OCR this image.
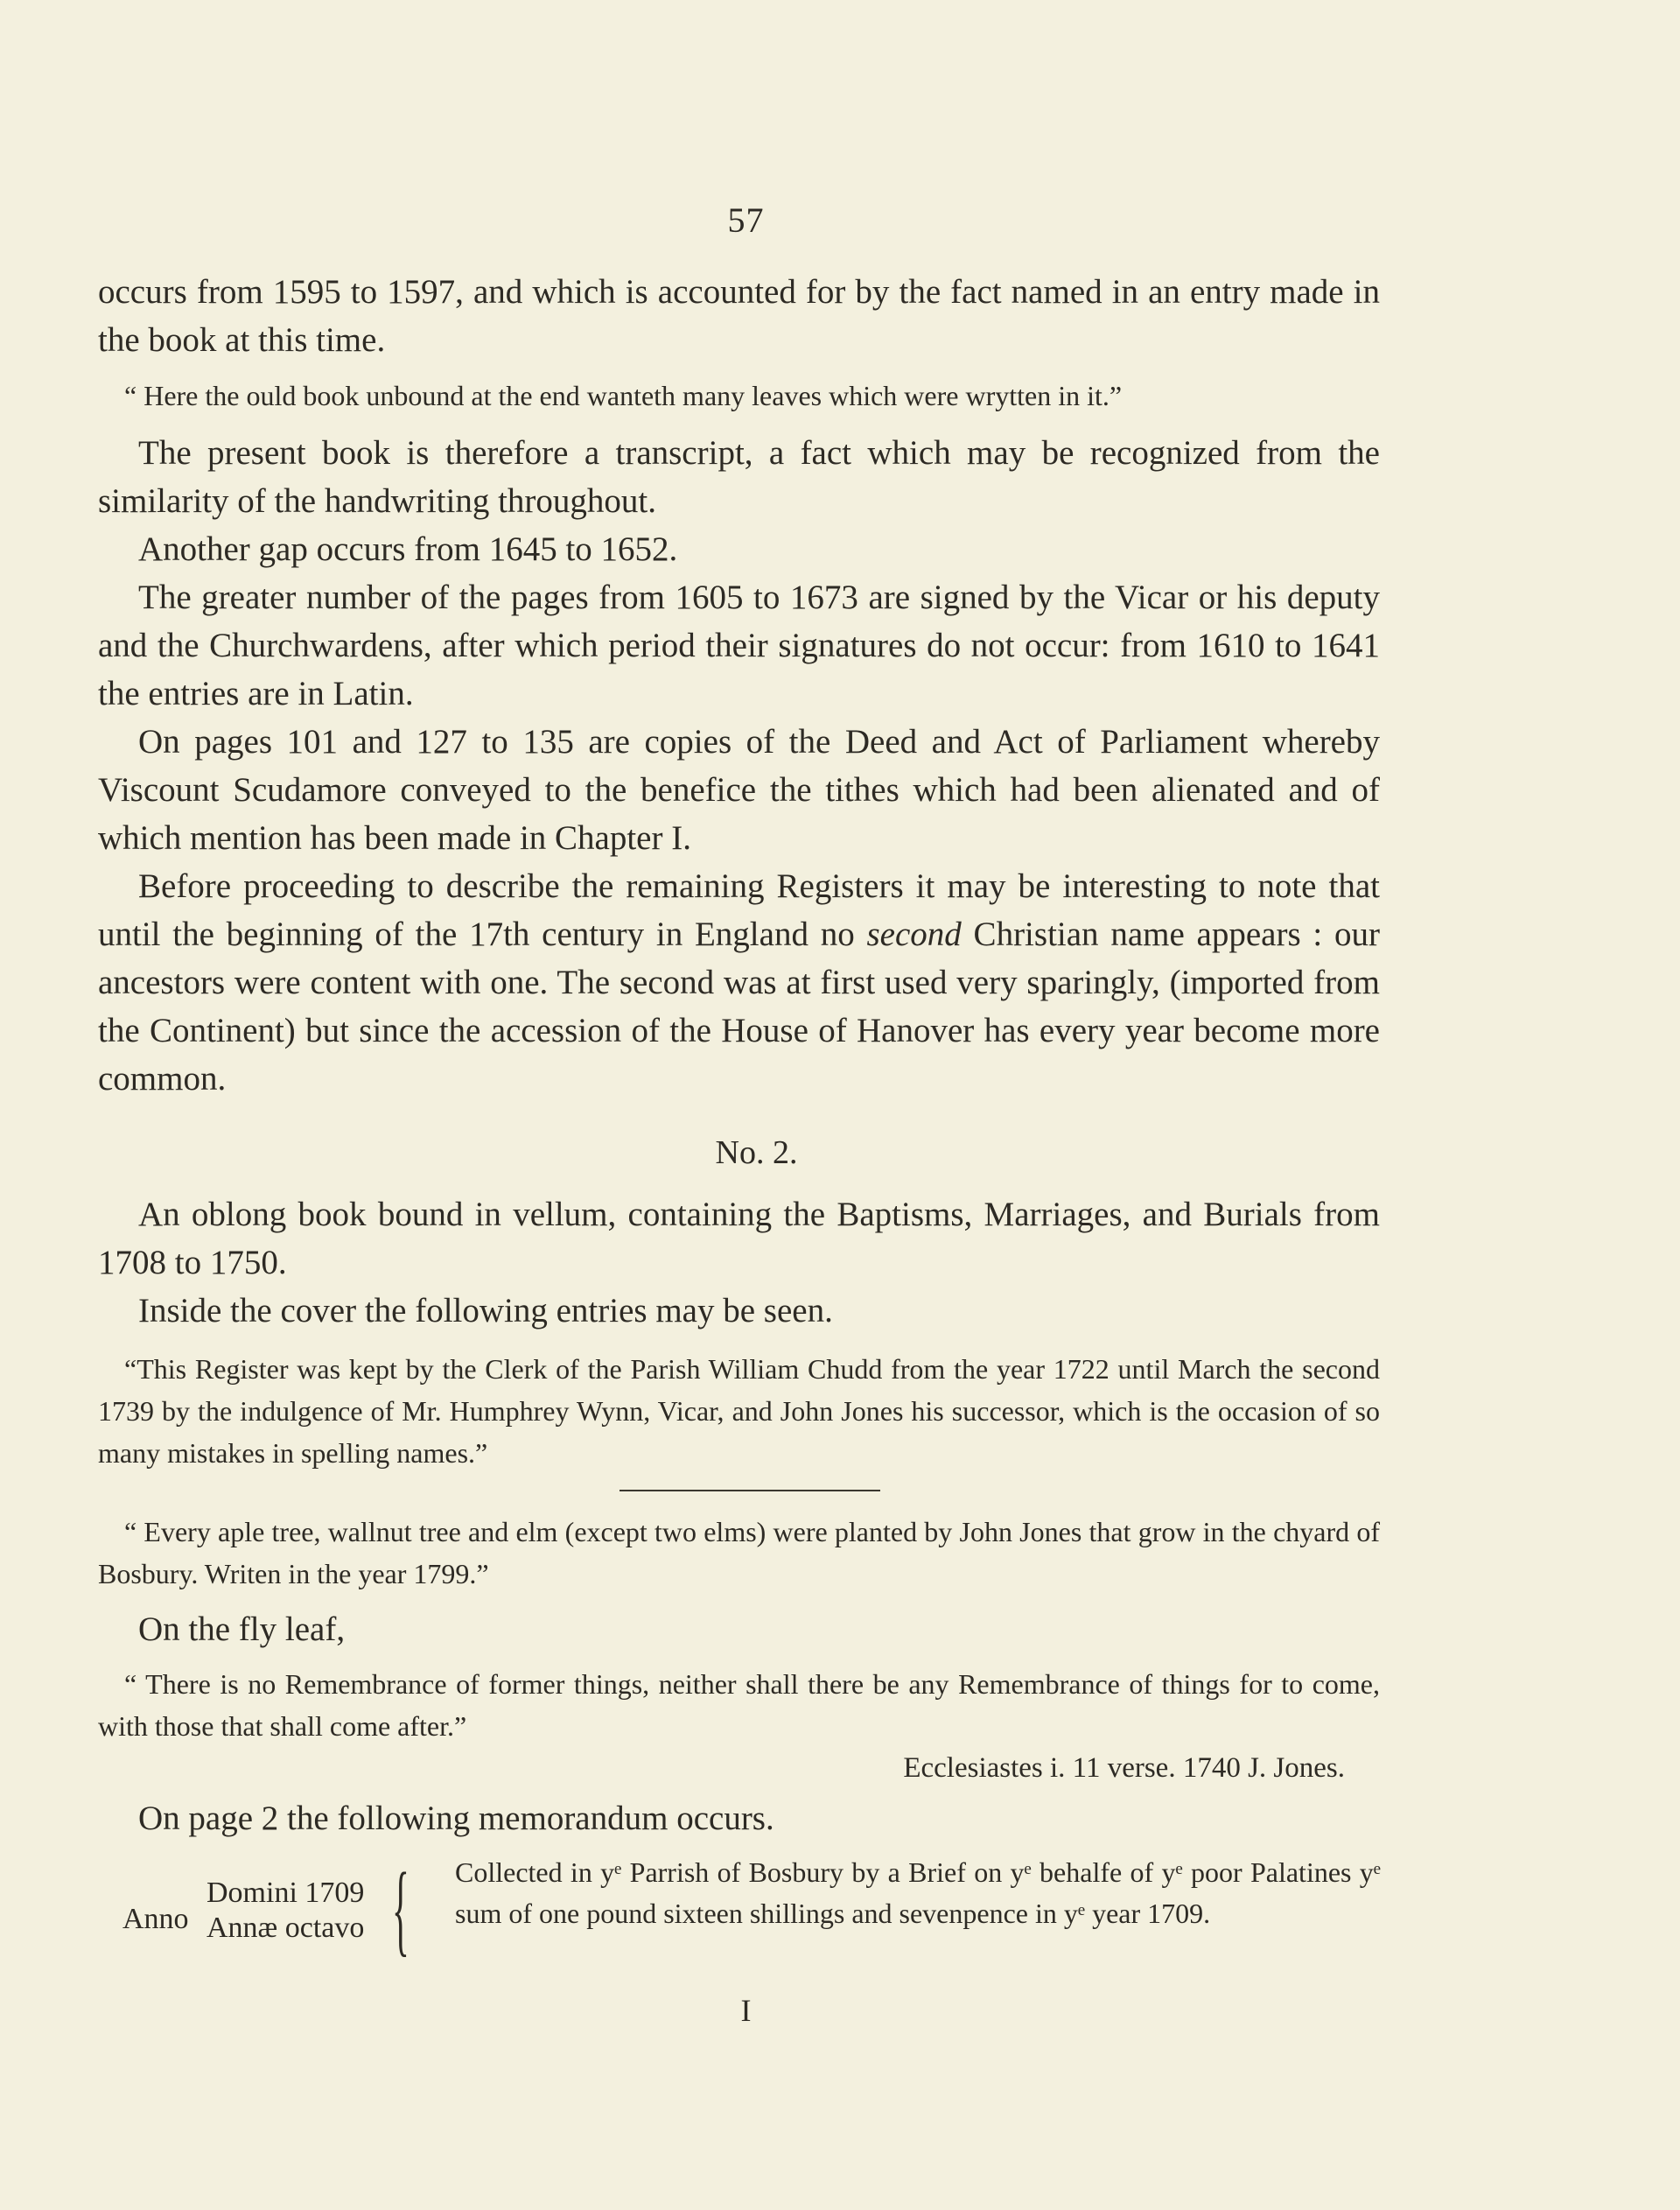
57

occurs from 1595 to 1597, and which is accounted for by the fact named in an entry made in the book at this time.

“ Here the ould book unbound at the end wanteth many leaves which were wrytten in it.”

The present book is therefore a transcript, a fact which may be recognized from the similarity of the handwriting throughout.

Another gap occurs from 1645 to 1652.

The greater number of the pages from 1605 to 1673 are signed by the Vicar or his deputy and the Churchwardens, after which period their signatures do not occur: from 1610 to 1641 the entries are in Latin.

On pages 101 and 127 to 135 are copies of the Deed and Act of Parliament whereby Viscount Scudamore conveyed to the benefice the tithes which had been alienated and of which mention has been made in Chapter I.

Before proceeding to describe the remaining Registers it may be interesting to note that until the beginning of the 17th century in England no second Christian name appears : our ancestors were content with one. The second was at first used very sparingly, (imported from the Continent) but since the accession of the House of Hanover has every year become more common.

No. 2.

An oblong book bound in vellum, containing the Baptisms, Marriages, and Burials from 1708 to 1750.

Inside the cover the following entries may be seen.

“This Register was kept by the Clerk of the Parish William Chudd from the year 1722 until March the second 1739 by the indulgence of Mr. Humphrey Wynn, Vicar, and John Jones his successor, which is the occasion of so many mistakes in spelling names.”

“ Every aple tree, wallnut tree and elm (except two elms) were planted by John Jones that grow in the chyard of Bosbury. Writen in the year 1799.”

On the fly leaf,

“ There is no Remembrance of former things, neither shall there be any Remembrance of things for to come, with those that shall come after.”

Ecclesiastes i. 11 verse. 1740 J. Jones.

On page 2 the following memorandum occurs.

Anno
Domini 1709
Annæ octavo { Collected in yᵉ Parrish of Bosbury by a Brief on yᵉ behalfe of yᵉ poor Palatines yᵉ sum of one pound sixteen shillings and sevenpence in yᵉ year 1709.
I
